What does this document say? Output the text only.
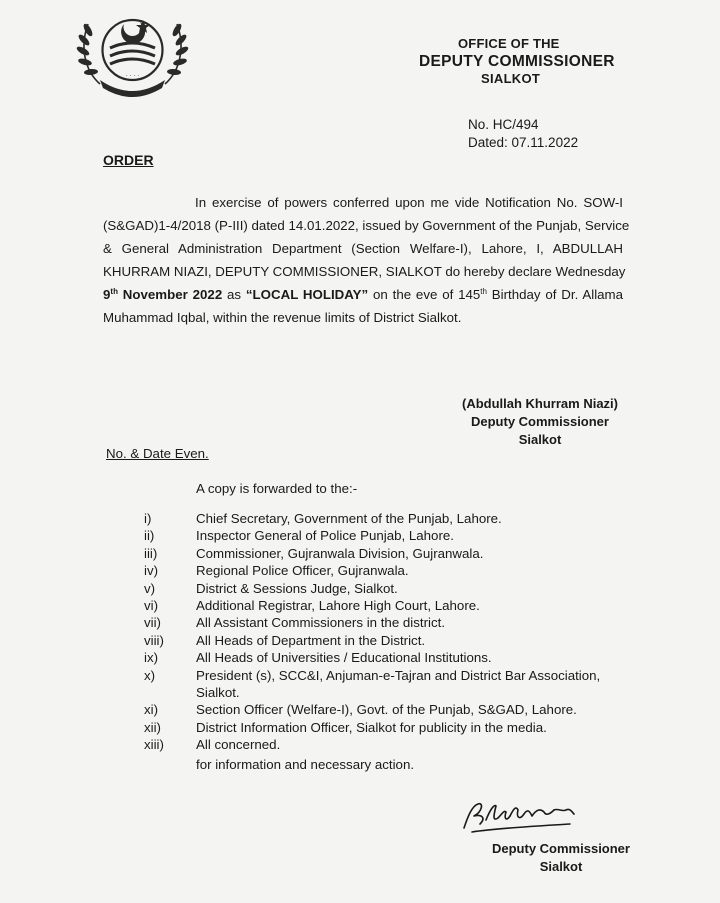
· · · ·
OFFICE OF THE
DEPUTY COMMISSIONER
SIALKOT
No. HC/494
Dated: 07.11.2022
ORDER
In exercise of powers conferred upon me vide Notification No. SOW-I
(S&GAD)1-4/2018 (P-III) dated 14.01.2022, issued by Government of the Punjab, Service
& General Administration Department (Section Welfare-I), Lahore, I, ABDULLAH
KHURRAM NIAZI, DEPUTY COMMISSIONER, SIALKOT do hereby declare Wednesday
9th November 2022 as “LOCAL HOLIDAY” on the eve of 145th Birthday of Dr. Allama
Muhammad Iqbal, within the revenue limits of District Sialkot.
(Abdullah Khurram Niazi)
Deputy Commissioner
Sialkot
No. & Date Even.
A copy is forwarded to the:-
i)	Chief Secretary, Government of the Punjab, Lahore.
ii)	Inspector General of Police Punjab, Lahore.
iii)	Commissioner, Gujranwala Division, Gujranwala.
iv)	Regional Police Officer, Gujranwala.
v)	District & Sessions Judge, Sialkot.
vi)	Additional Registrar, Lahore High Court, Lahore.
vii)	All Assistant Commissioners in the district.
viii)	All Heads of Department in the District.
ix)	All Heads of Universities / Educational Institutions.
x)	President (s), SCC&I, Anjuman-e-Tajran and District Bar Association,
Sialkot.
xi)	Section Officer (Welfare-I), Govt. of the Punjab, S&GAD, Lahore.
xii)	District Information Officer, Sialkot for publicity in the media.
xiii)	All concerned.
for information and necessary action.
Deputy Commissioner
Sialkot
